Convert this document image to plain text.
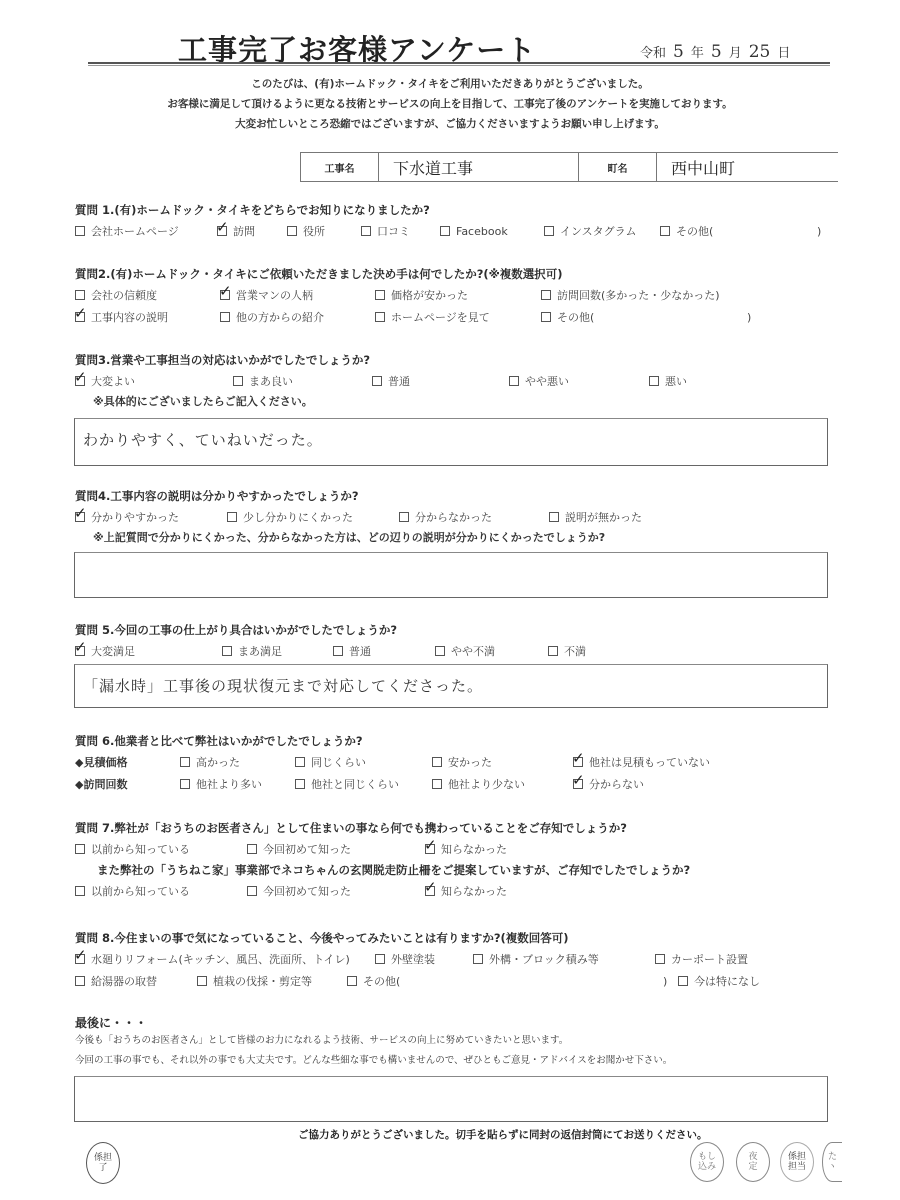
工事完了お客様アンケート	令和 5 年 5 月 25 日
このたびは、(有)ホームドック・タイキをご利用いただきありがとうございました。
お客様に満足して頂けるように更なる技術とサービスの向上を目指して、工事完了後のアンケートを実施しております。
大変お忙しいところ恐縮ではございますが、ご協力くださいますようお願い申し上げます。
工事名	下水道工事	町名	西中山町
質問 1.(有)ホームドック・タイキをどちらでお知りになりましたか?
会社ホームページ ✓	訪問	役所	口コミ	Facebook	インスタグラム	その他(	)
質問2.(有)ホームドック・タイキにご依頼いただきました決め手は何でしたか?(※複数選択可)
会社の信頼度 ✓	営業マンの人柄	価格が安かった	訪問回数(多かった・少なかった)
✓
工事内容の説明	他の方からの紹介	ホームページを見て	その他(	)
質問3.営業や工事担当の対応はいかがでしたでしょうか?
✓
大変よい	まあ良い	普通	やや悪い	悪い
※具体的にございましたらご記入ください。
わかりやすく、ていねいだった。
質問4.工事内容の説明は分かりやすかったでしょうか?
✓
分かりやすかった	少し分かりにくかった	分からなかった	説明が無かった
※上記質問で分かりにくかった、分からなかった方は、どの辺りの説明が分かりにくかったでしょうか?
質問 5.今回の工事の仕上がり具合はいかがでしたでしょうか?
✓
大変満足	まあ満足	普通	やや不満	不満
「漏水時」工事後の現状復元まで対応してくださった。
質問 6.他業者と比べて弊社はいかがでしたでしょうか?
◆見積価格	高かった	同じくらい	安かった ✓	他社は見積もっていない
◆訪問回数	他社より多い	他社と同じくらい	他社より少ない ✓	分からない
質問 7.弊社が「おうちのお医者さん」として住まいの事なら何でも携わっていることをご存知でしょうか?
以前から知っている	今回初めて知った ✓	知らなかった
また弊社の「うちねこ家」事業部でネコちゃんの玄関脱走防止柵をご提案していますが、ご存知でしたでしょうか?
以前から知っている	今回初めて知った ✓	知らなかった
質問 8.今住まいの事で気になっていること、今後やってみたいことは有りますか?(複数回答可)
✓
水廻りリフォーム(キッチン、風呂、洗面所、トイレ)	外壁塗装	外構・ブロック積み等	カーポート設置
給湯器の取替	植栽の伐採・剪定等	その他(	) 今は特になし
最後に・・・
今後も「おうちのお医者さん」として皆様のお力になれるよう技術、サービスの向上に努めていきたいと思います。
今回の工事の事でも、それ以外の事でも大丈夫です。どんな些細な事でも構いませんので、ぜひともご意見・アドバイスをお聞かせ下さい。
ご協力ありがとうございました。切手を貼らずに同封の返信封筒にてお送りください。
係担
了
もし
込み
夜
定
係担
担当
た
ヽ
